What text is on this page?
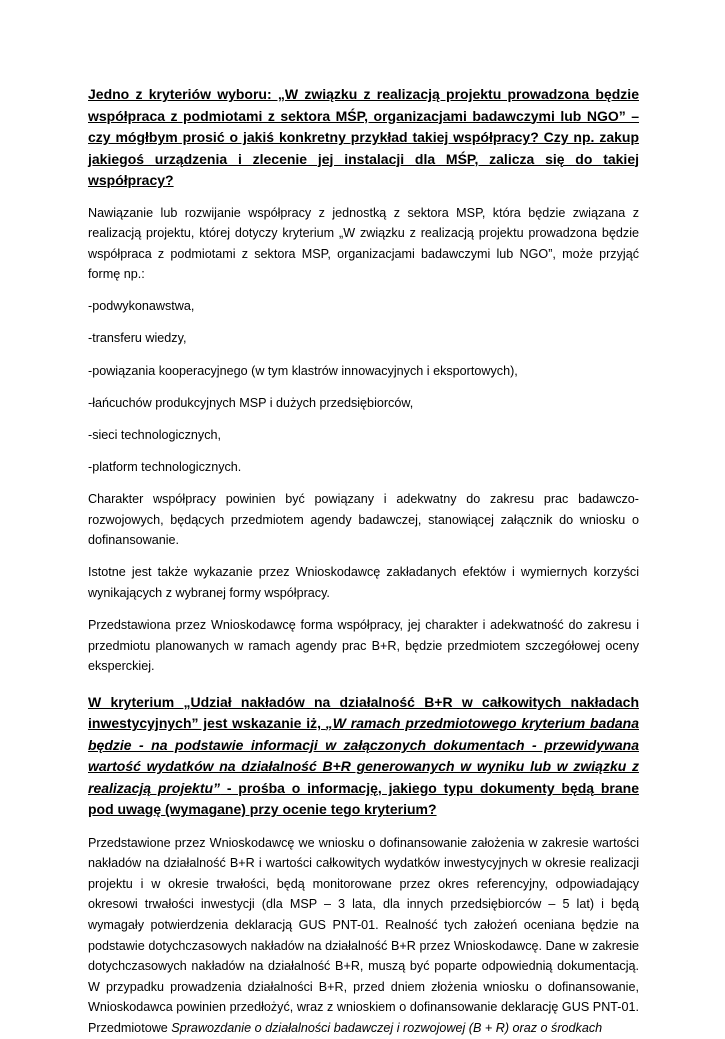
Jedno z kryteriów wyboru: „W związku z realizacją projektu prowadzona będzie współpraca z podmiotami z sektora MŚP, organizacjami badawczymi lub NGO” – czy mógłbym prosić o jakiś konkretny przykład takiej współpracy? Czy np. zakup jakiegoś urządzenia i zlecenie jej instalacji dla MŚP, zalicza się do takiej współpracy?

Nawiązanie lub rozwijanie współpracy z jednostką z sektora MSP, która będzie związana z realizacją projektu, której dotyczy kryterium „W związku z realizacją projektu prowadzona będzie współpraca z podmiotami z sektora MSP, organizacjami badawczymi lub NGO”, może przyjąć formę np.:

-podwykonawstwa,

-transferu wiedzy,

-powiązania kooperacyjnego (w tym klastrów innowacyjnych i eksportowych),

-łańcuchów produkcyjnych MSP i dużych przedsiębiorców,

-sieci technologicznych,

-platform technologicznych.

Charakter współpracy powinien być powiązany i adekwatny do zakresu prac badawczo-rozwojowych, będących przedmiotem agendy badawczej, stanowiącej załącznik do wniosku o dofinansowanie.

Istotne jest także wykazanie przez Wnioskodawcę zakładanych efektów i wymiernych korzyści wynikających z wybranej formy współpracy.

Przedstawiona przez Wnioskodawcę forma współpracy, jej charakter i adekwatność do zakresu i przedmiotu planowanych w ramach agendy prac B+R, będzie przedmiotem szczegółowej oceny eksperckiej.

W kryterium „Udział nakładów na działalność B+R w całkowitych nakładach inwestycyjnych” jest wskazanie iż, „W ramach przedmiotowego kryterium badana będzie - na podstawie informacji w załączonych dokumentach - przewidywana wartość wydatków na działalność B+R generowanych w wyniku lub w związku z realizacją projektu” - prośba o informację, jakiego typu dokumenty będą brane pod uwagę (wymagane) przy ocenie tego kryterium?

Przedstawione przez Wnioskodawcę we wniosku o dofinansowanie założenia w zakresie wartości nakładów na działalność B+R i wartości całkowitych wydatków inwestycyjnych w okresie realizacji projektu i w okresie trwałości, będą monitorowane przez okres referencyjny, odpowiadający okresowi trwałości inwestycji (dla MSP – 3 lata, dla innych przedsiębiorców – 5 lat) i będą wymagały potwierdzenia deklaracją GUS PNT-01. Realność tych założeń oceniana będzie na podstawie dotychczasowych nakładów na działalność B+R przez Wnioskodawcę. Dane w zakresie dotychczasowych nakładów na działalność B+R, muszą być poparte odpowiednią dokumentacją. W przypadku prowadzenia działalności B+R, przed dniem złożenia wniosku o dofinansowanie, Wnioskodawca powinien przedłożyć, wraz z wnioskiem o dofinansowanie deklarację GUS PNT-01. Przedmiotowe Sprawozdanie o działalności badawczej i rozwojowej (B + R) oraz o środkach
